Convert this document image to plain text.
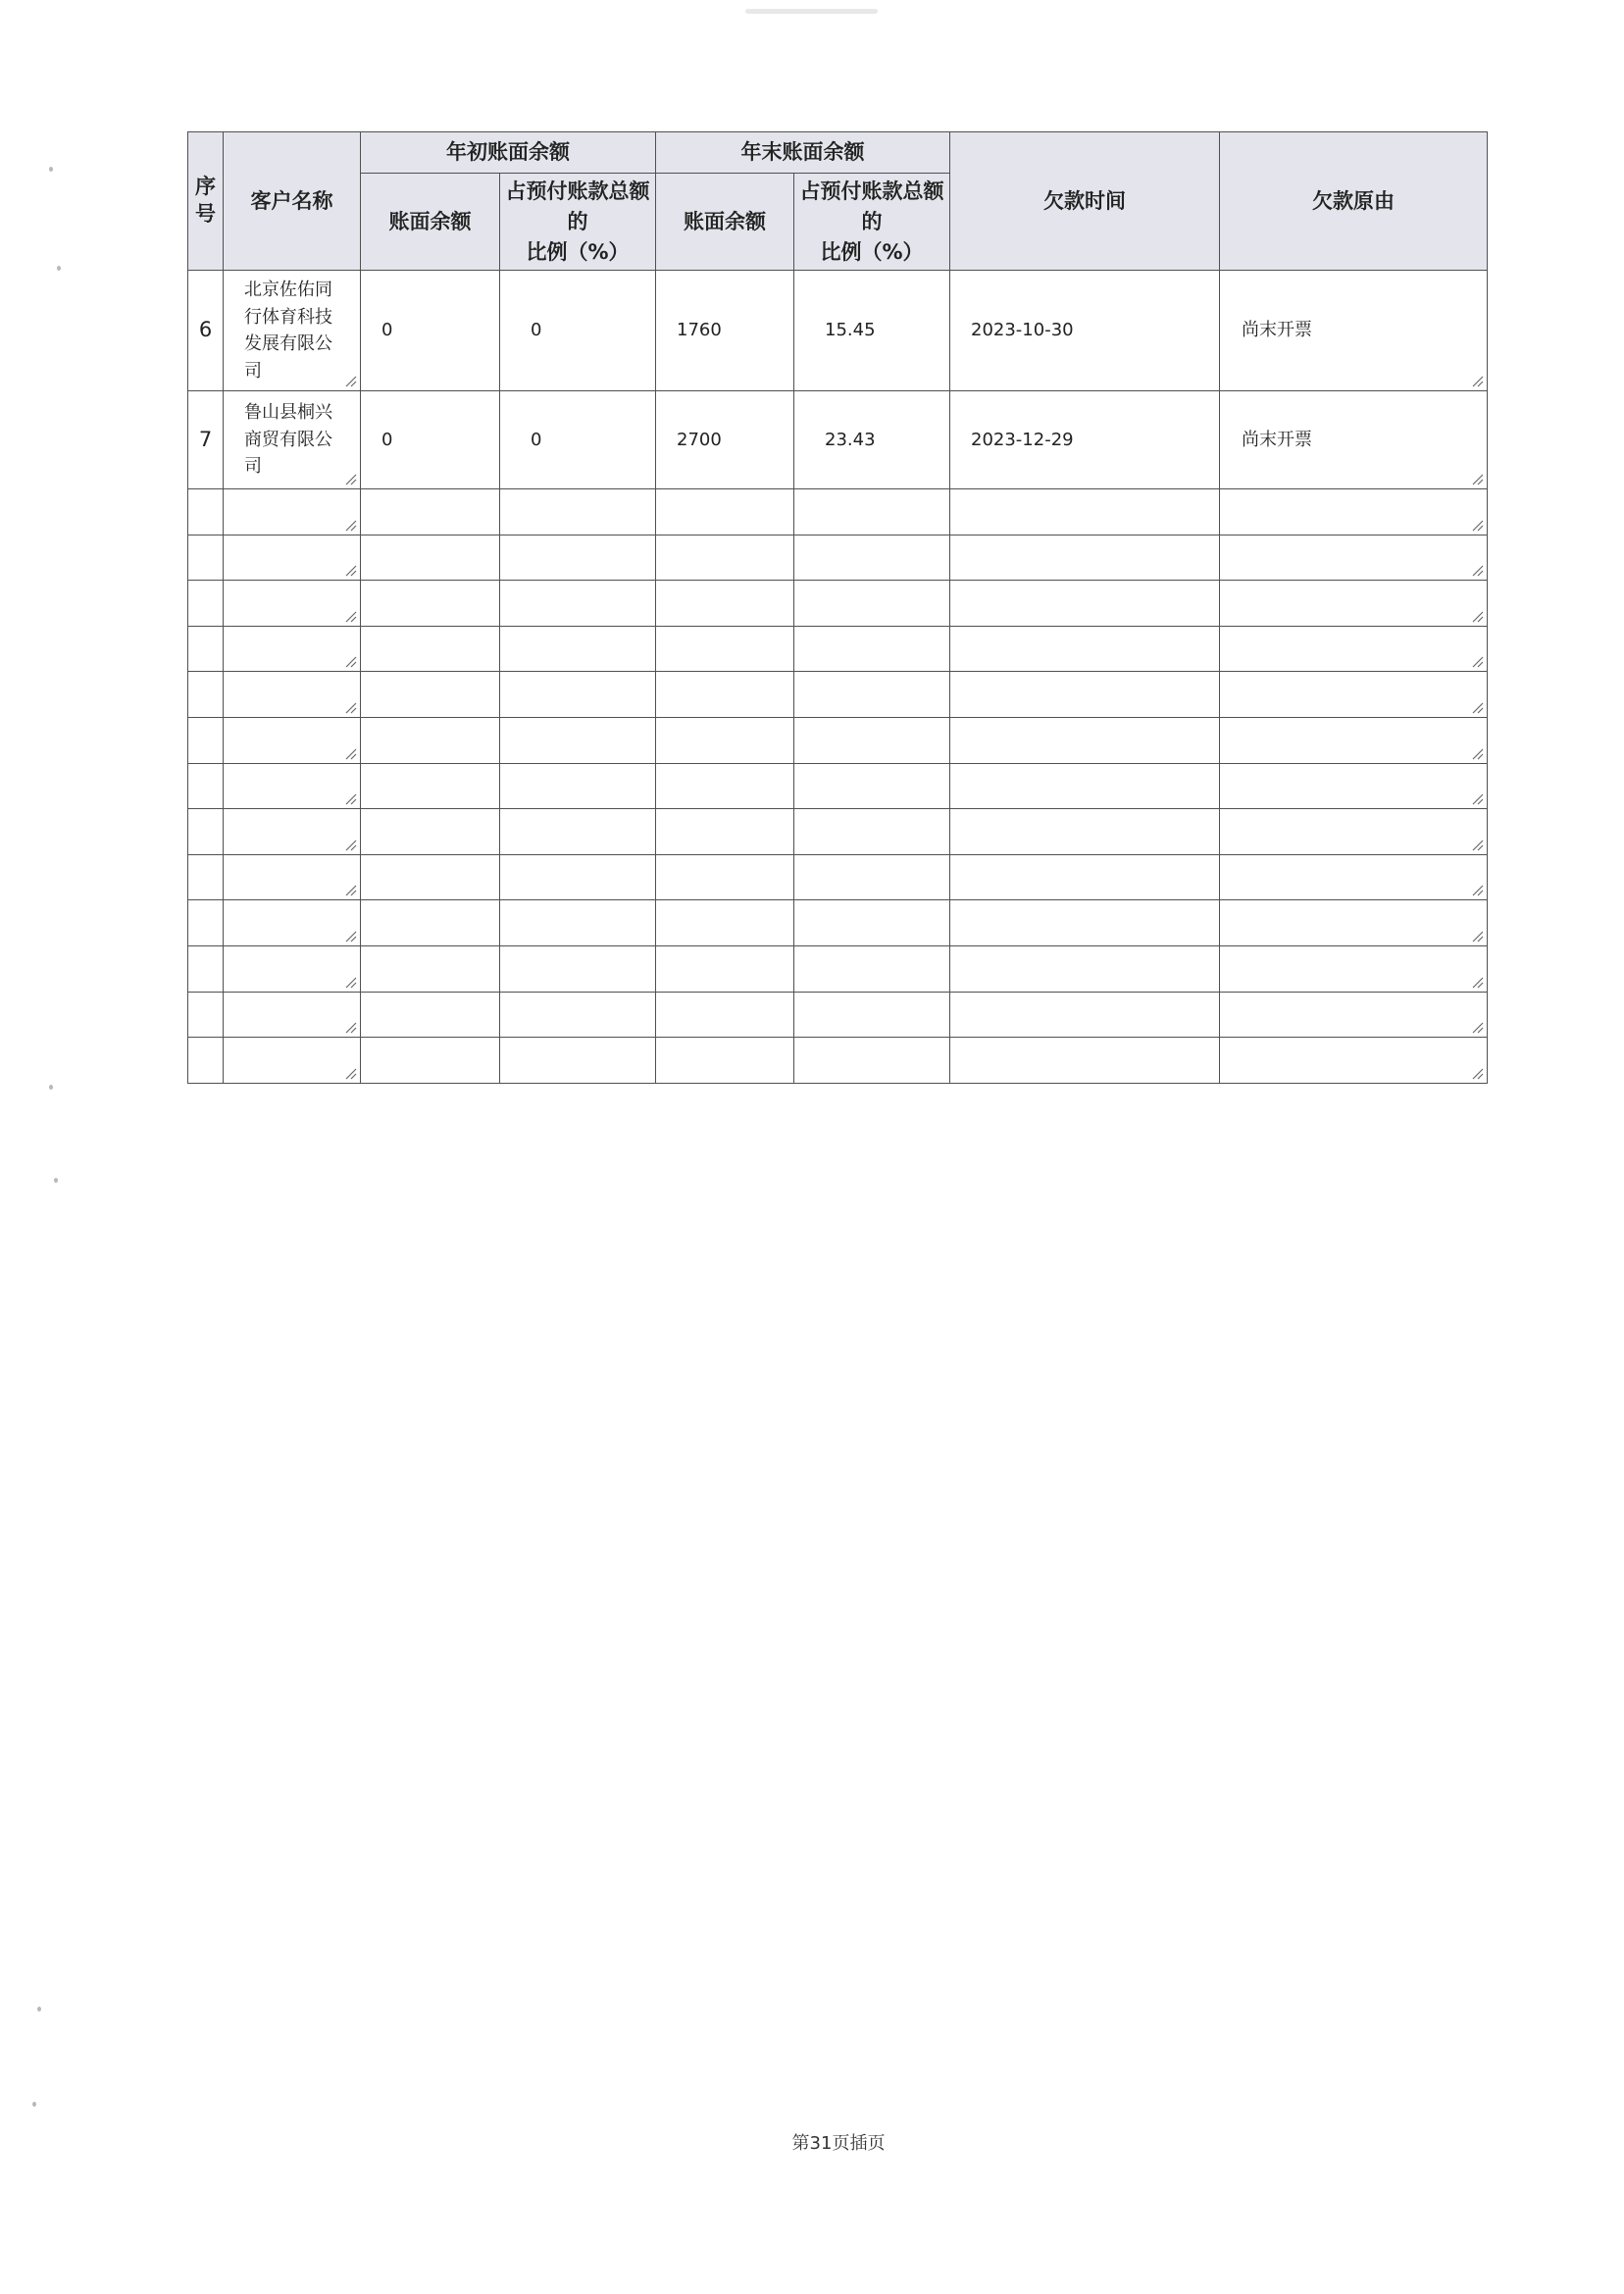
序号	客户名称	年初账面余额		年末账面余额		欠款时间	欠款原由
		账面余额	占预付账款总额
的
比例（%）	账面余额	占预付账款总额
的
比例（%）		
6	北京佐佑同行体育科技发展有限公司	0	0	1760	15.45	2023-10-30	尚末开票

7	鲁山县桐兴商贸有限公司	0	0	2700	23.43	2023-12-29	尚末开票

第31页插页
